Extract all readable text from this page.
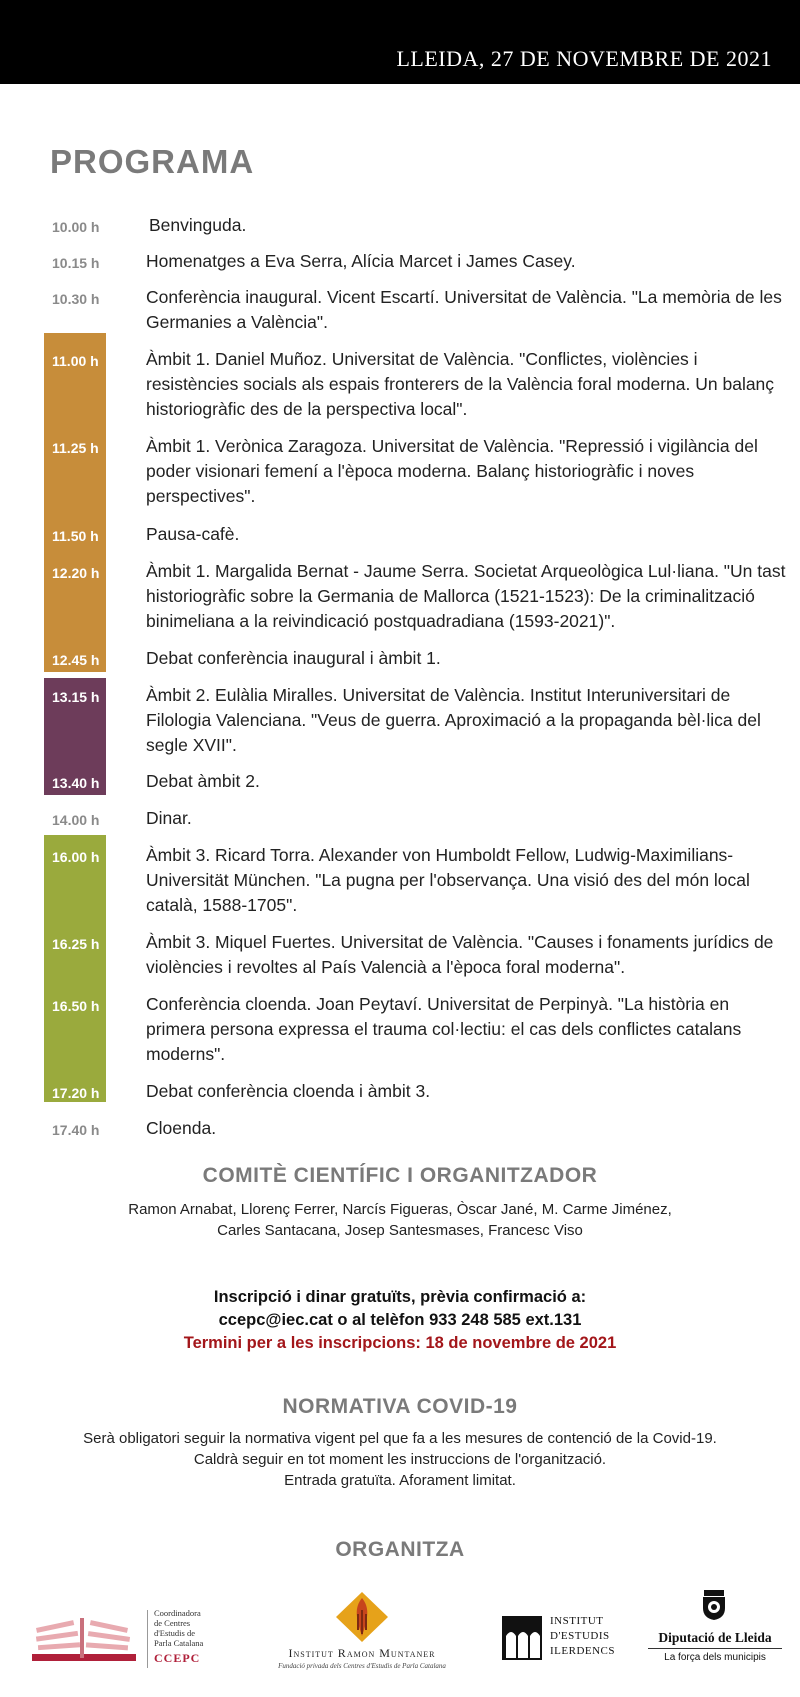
LLEIDA, 27 DE NOVEMBRE DE 2021
PROGRAMA
10.00 h	Benvinguda.
10.15 h	Homenatges a Eva Serra, Alícia Marcet i James Casey.
10.30 h	Conferència inaugural. Vicent Escartí. Universitat de València. "La memòria de les Germanies a València".
11.00 h	Àmbit 1. Daniel Muñoz. Universitat de València. "Conflictes, violències i resistències socials als espais fronterers de la València foral moderna. Un balanç historiogràfic des de la perspectiva local".
11.25 h	Àmbit 1. Verònica Zaragoza. Universitat de València. "Repressió i vigilància del poder visionari femení a l'època moderna. Balanç historiogràfic i noves perspectives".
11.50 h	Pausa-cafè.
12.20 h	Àmbit 1. Margalida Bernat - Jaume Serra. Societat Arqueològica Lul·liana. "Un tast historiogràfic sobre la Germania de Mallorca (1521-1523): De la criminalització binimeliana a la reivindicació postquadradiana (1593-2021)".
12.45 h	Debat conferència inaugural i àmbit 1.
13.15 h	Àmbit 2. Eulàlia Miralles. Universitat de València. Institut Interuniversitari de Filologia Valenciana. "Veus de guerra. Aproximació a la propaganda bèl·lica del segle XVII".
13.40 h	Debat àmbit 2.
14.00 h	Dinar.
16.00 h	Àmbit 3. Ricard Torra. Alexander von Humboldt Fellow, Ludwig-Maximilians-Universität München. "La pugna per l'observança. Una visió des del món local català, 1588-1705".
16.25 h	Àmbit 3. Miquel Fuertes. Universitat de València. "Causes i fonaments jurídics de violències i revoltes al País Valencià a l'època foral moderna".
16.50 h	Conferència cloenda. Joan Peytaví. Universitat de Perpinyà. "La història en primera persona expressa el trauma col·lectiu: el cas dels conflictes catalans moderns".
17.20 h	Debat conferència cloenda i àmbit 3.
17.40 h	Cloenda.
COMITÈ CIENTÍFIC I ORGANITZADOR
Ramon Arnabat, Llorenç Ferrer, Narcís Figueras, Òscar Jané, M. Carme Jiménez,
Carles Santacana, Josep Santesmases, Francesc Viso
Inscripció i dinar gratuïts, prèvia confirmació a:
ccepc@iec.cat o al telèfon 933 248 585 ext.131
Termini per a les inscripcions: 18 de novembre de 2021
NORMATIVA COVID-19
Serà obligatori seguir la normativa vigent pel que fa a les mesures de contenció de la Covid-19.
Caldrà seguir en tot moment les instruccions de l'organització.
Entrada gratuïta. Aforament limitat.
ORGANITZA
Coordinadora
de Centres
d'Estudis de
Parla Catalana
CCEPC	Institut Ramon Muntaner
Fundació privada dels Centres d'Estudis de Parla Catalana
INSTITUT
D'ESTUDIS
ILERDENCS
Diputació de Lleida
La força dels municipis
